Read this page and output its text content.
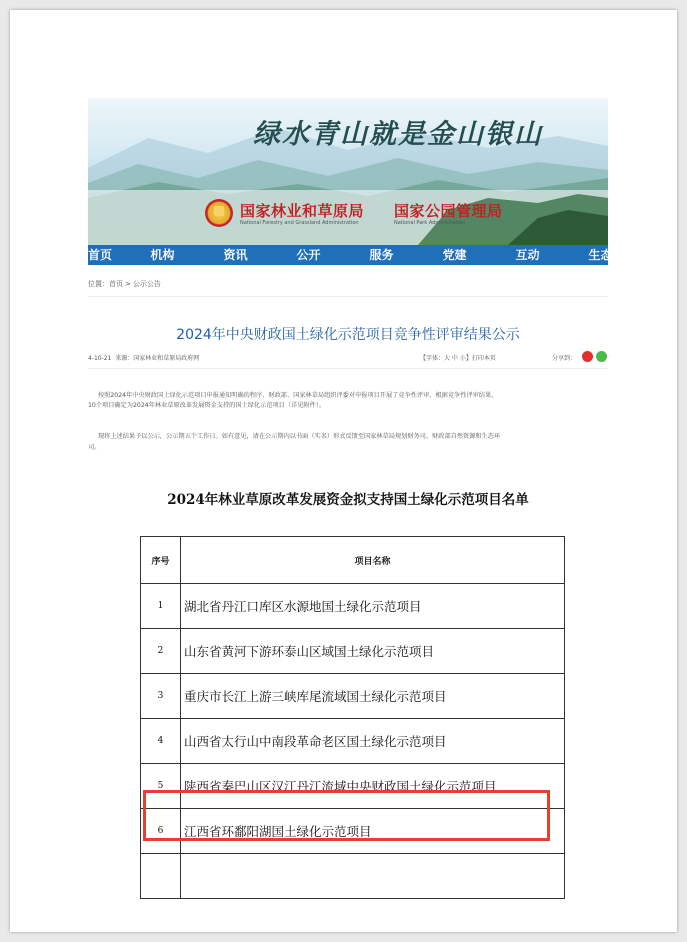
绿水青山就是金山银山
国家林业和草原局
National Forestry and Grassland Administration
国家公园管理局
National Park Administration
首页	机构	资讯	公开	服务	党建	互动	生态
位置：首页 > 公示公告
2024年中央财政国土绿化示范项目竞争性评审结果公示
4-10-21 来源：国家林业和草原局政府网	【字体：大 中 小】打印本页	分享到：
按照2024年中央财政国土绿化示范项目申报通知明确的程序，财政部、国家林草局组织评委对申报项目开展了竞争性评审，根据竞争性评审结果，
10个项目确定为2024年林业草原改革发展资金支持的国土绿化示范项目（详见附件）。
现将上述结果予以公示，公示期五个工作日。如有意见，请在公示期内以书面（实名）形式反馈至国家林草局规划财务司、财政部自然资源和生态环
司。
2024年林业草原改革发展资金拟支持国土绿化示范项目名单
序号	项目名称
1	湖北省丹江口库区水源地国土绿化示范项目
2	山东省黄河下游环泰山区域国土绿化示范项目
3	重庆市长江上游三峡库尾流域国土绿化示范项目
4	山西省太行山中南段革命老区国土绿化示范项目
5	陕西省秦巴山区汉江丹江流域中央财政国土绿化示范项目
6	江西省环鄱阳湖国土绿化示范项目
